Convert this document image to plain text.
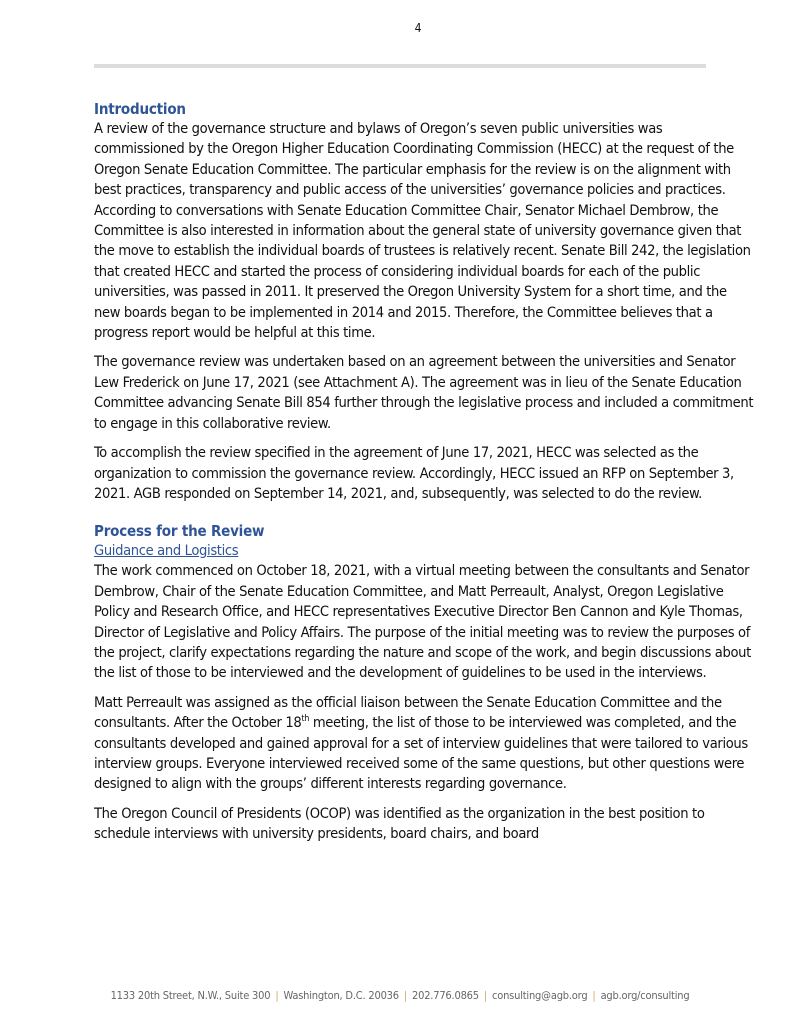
4
Introduction

A review of the governance structure and bylaws of Oregon’s seven public universities was commissioned by the Oregon Higher Education Coordinating Commission (HECC) at the request of the Oregon Senate Education Committee. The particular emphasis for the review is on the alignment with best practices, transparency and public access of the universities’ governance policies and practices. According to conversations with Senate Education Committee Chair, Senator Michael Dembrow, the Committee is also interested in information about the general state of university governance given that the move to establish the individual boards of trustees is relatively recent. Senate Bill 242, the legislation that created HECC and started the process of considering individual boards for each of the public universities, was passed in 2011. It preserved the Oregon University System for a short time, and the new boards began to be implemented in 2014 and 2015. Therefore, the Committee believes that a progress report would be helpful at this time.

The governance review was undertaken based on an agreement between the universities and Senator Lew Frederick on June 17, 2021 (see Attachment A). The agreement was in lieu of the Senate Education Committee advancing Senate Bill 854 further through the legislative process and included a commitment to engage in this collaborative review.

To accomplish the review specified in the agreement of June 17, 2021, HECC was selected as the organization to commission the governance review. Accordingly, HECC issued an RFP on September 3, 2021. AGB responded on September 14, 2021, and, subsequently, was selected to do the review.

Process for the Review
Guidance and Logistics

The work commenced on October 18, 2021, with a virtual meeting between the consultants and Senator Dembrow, Chair of the Senate Education Committee, and Matt Perreault, Analyst, Oregon Legislative Policy and Research Office, and HECC representatives Executive Director Ben Cannon and Kyle Thomas, Director of Legislative and Policy Affairs. The purpose of the initial meeting was to review the purposes of the project, clarify expectations regarding the nature and scope of the work, and begin discussions about the list of those to be interviewed and the development of guidelines to be used in the interviews.

Matt Perreault was assigned as the official liaison between the Senate Education Committee and the consultants. After the October 18th meeting, the list of those to be interviewed was completed, and the consultants developed and gained approval for a set of interview guidelines that were tailored to various interview groups. Everyone interviewed received some of the same questions, but other questions were designed to align with the groups’ different interests regarding governance.

The Oregon Council of Presidents (OCOP) was identified as the organization in the best position to schedule interviews with university presidents, board chairs, and board

1133 20th Street, N.W., Suite 300 | Washington, D.C. 20036 | 202.776.0865 | consulting@agb.org | agb.org/consulting
